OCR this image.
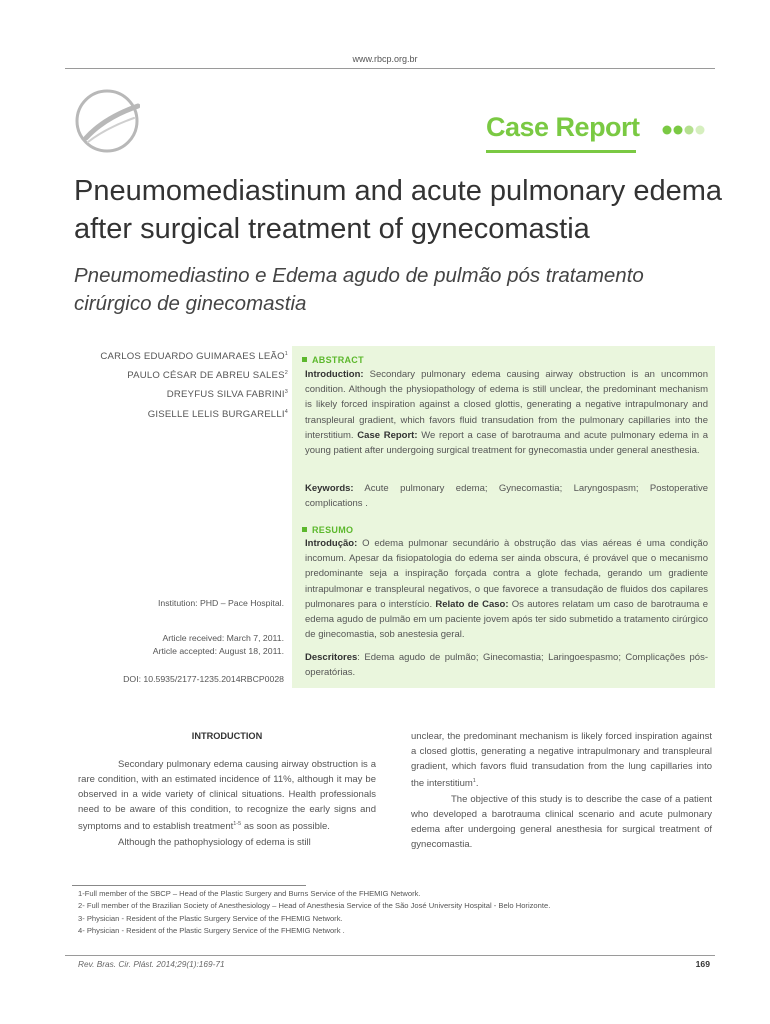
www.rbcp.org.br
Case Report
Pneumomediastinum and acute pulmonary edema after surgical treatment of gynecomastia
Pneumomediastino e Edema agudo de pulmão pós tratamento cirúrgico de ginecomastia
CARLOS EDUARDO GUIMARAES LEÃO$^1$
PAULO CÉSAR DE ABREU SALES$^2$
DREYFUS SILVA FABRINI$^3$
GISELLE LELIS BURGARELLI$^4$
Institution: PHD – Pace Hospital.
Article received: March 7, 2011.
Article accepted: August 18, 2011.
DOI: 10.5935/2177-1235.2014RBCP0028
ABSTRACT
Introduction: Secondary pulmonary edema causing airway obstruction is an uncommon condition. Although the physiopathology of edema is still unclear, the predominant mechanism is likely forced inspiration against a closed glottis, generating a negative intrapulmonary and transpleural gradient, which favors fluid transudation from the pulmonary capillaries into the interstitium. Case Report: We report a case of barotrauma and acute pulmonary edema in a young patient after undergoing surgical treatment for gynecomastia under general anesthesia.
Keywords: Acute pulmonary edema; Gynecomastia; Laryngospasm; Postoperative complications .
RESUMO
Introdução: O edema pulmonar secundário à obstrução das vias aéreas é uma condição incomum. Apesar da fisiopatologia do edema ser ainda obscura, é provável que o mecanismo predominante seja a inspiração forçada contra a glote fechada, gerando um gradiente intrapulmonar e transpleural negativos, o que favorece a transudação de fluidos dos capilares pulmonares para o interstício. Relato de Caso: Os autores relatam um caso de barotrauma e edema agudo de pulmão em um paciente jovem após ter sido submetido a tratamento cirúrgico de ginecomastia, sob anestesia geral.
Descritores: Edema agudo de pulmão; Ginecomastia; Laringoespasmo; Complicações pós-operatórias.
INTRODUCTION

Secondary pulmonary edema causing airway obstruction is a rare condition, with an estimated incidence of 11%, although it may be observed in a wide variety of clinical situations. Health professionals need to be aware of this condition, to recognize the early signs and symptoms and to establish treatment$^{1-5}$ as soon as possible.

Although the pathophysiology of edema is still

unclear, the predominant mechanism is likely forced inspiration against a closed glottis, generating a negative intrapulmonary and transpleural gradient, which favors fluid transudation from the lung capillaries into the interstitium$^1$.

The objective of this study is to describe the case of a patient who developed a barotrauma clinical scenario and acute pulmonary edema after undergoing general anesthesia for surgical treatment of gynecomastia.

1-Full member of the SBCP – Head of the Plastic Surgery and Burns Service of the FHEMIG Network.
2- Full member of the Brazilian Society of Anesthesiology – Head of Anesthesia Service of the São José University Hospital - Belo Horizonte.
3- Physician - Resident of the Plastic Surgery Service of the FHEMIG Network.
4- Physician - Resident of the Plastic Surgery Service of the FHEMIG Network .
Rev. Bras. Cir. Plást. 2014;29(1):169-71	169
